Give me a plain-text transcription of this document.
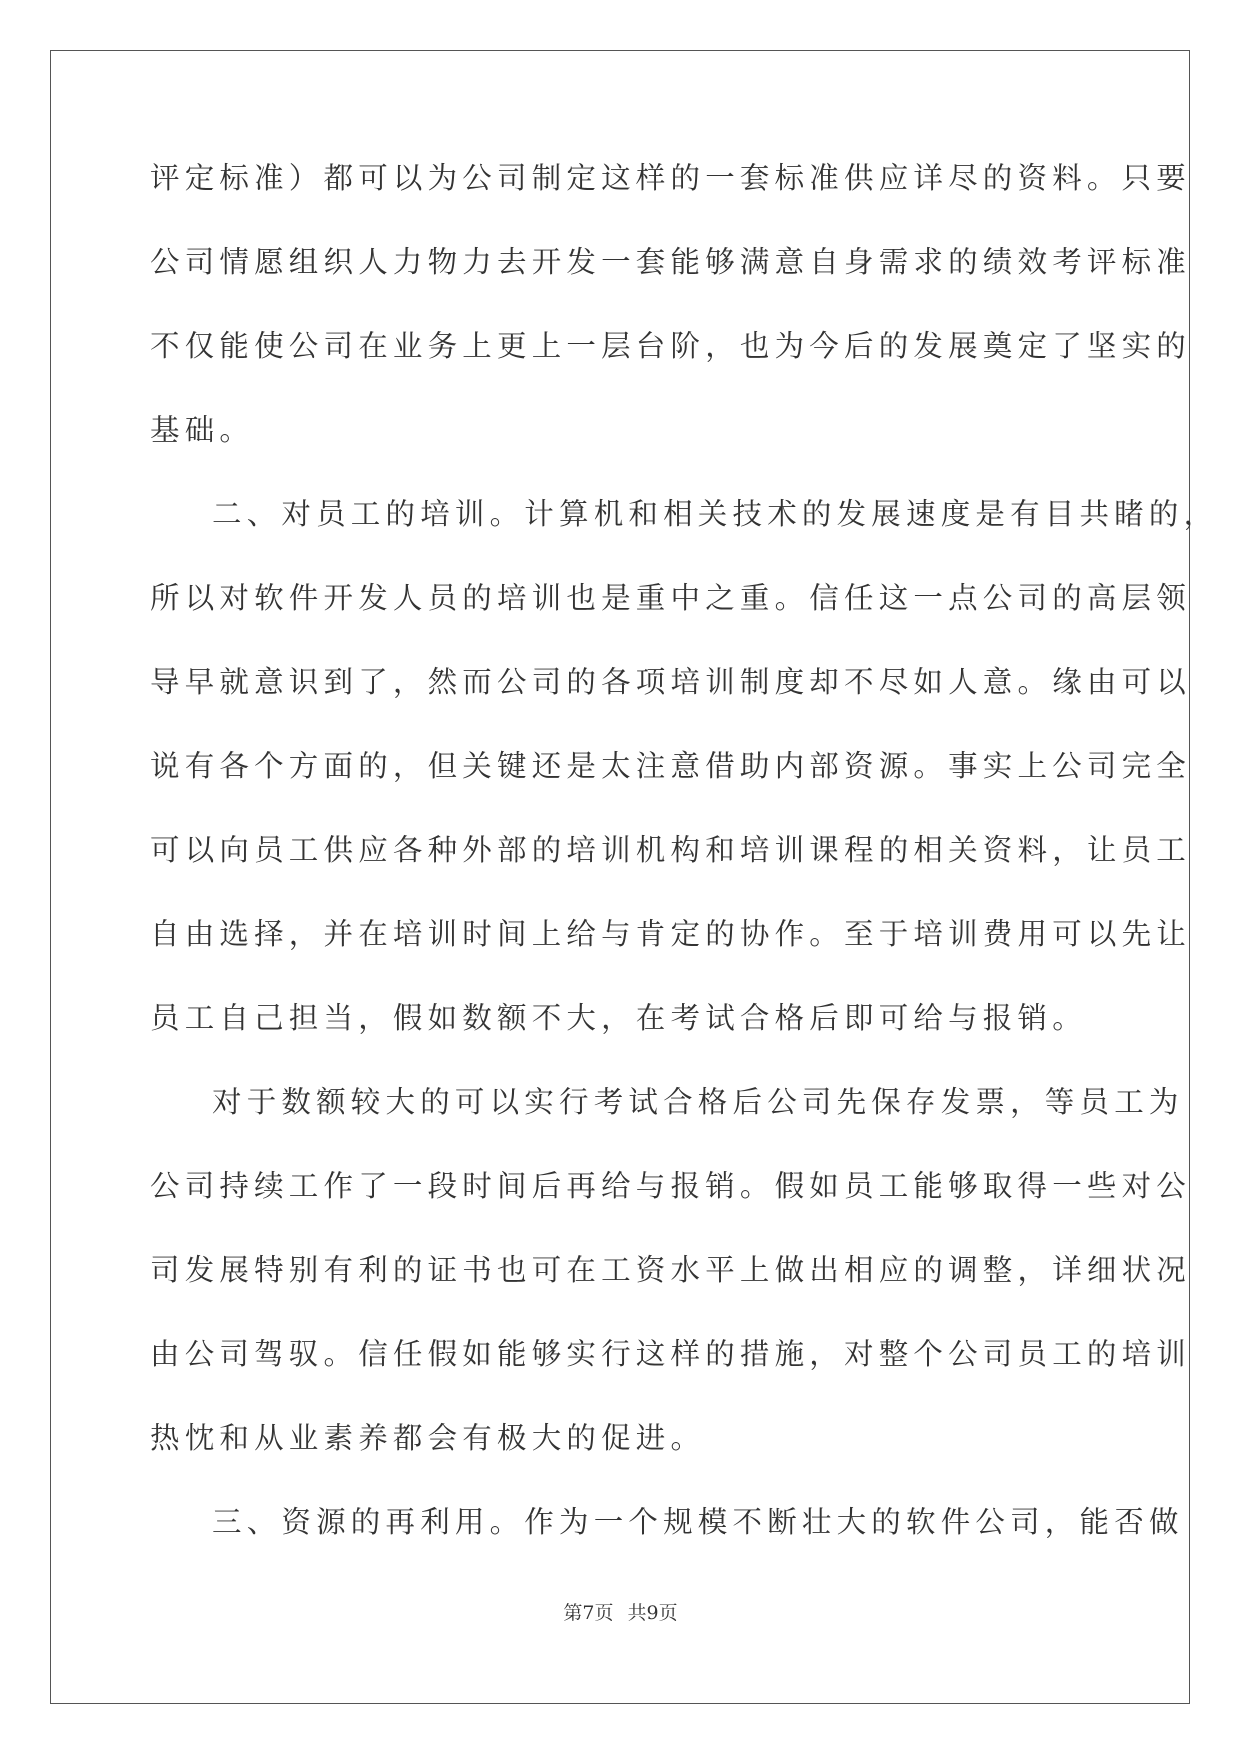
评定标准）都可以为公司制定这样的一套标准供应详尽的资料。只要
公司情愿组织人力物力去开发一套能够满意自身需求的绩效考评标准
不仅能使公司在业务上更上一层台阶，也为今后的发展奠定了坚实的
基础。
二、对员工的培训。计算机和相关技术的发展速度是有目共睹的，
所以对软件开发人员的培训也是重中之重。信任这一点公司的高层领
导早就意识到了，然而公司的各项培训制度却不尽如人意。缘由可以
说有各个方面的，但关键还是太注意借助内部资源。事实上公司完全
可以向员工供应各种外部的培训机构和培训课程的相关资料，让员工
自由选择，并在培训时间上给与肯定的协作。至于培训费用可以先让
员工自己担当，假如数额不大，在考试合格后即可给与报销。
对于数额较大的可以实行考试合格后公司先保存发票，等员工为
公司持续工作了一段时间后再给与报销。假如员工能够取得一些对公
司发展特别有利的证书也可在工资水平上做出相应的调整，详细状况
由公司驾驭。信任假如能够实行这样的措施，对整个公司员工的培训
热忱和从业素养都会有极大的促进。
三、资源的再利用。作为一个规模不断壮大的软件公司，能否做
第7页 共9页
